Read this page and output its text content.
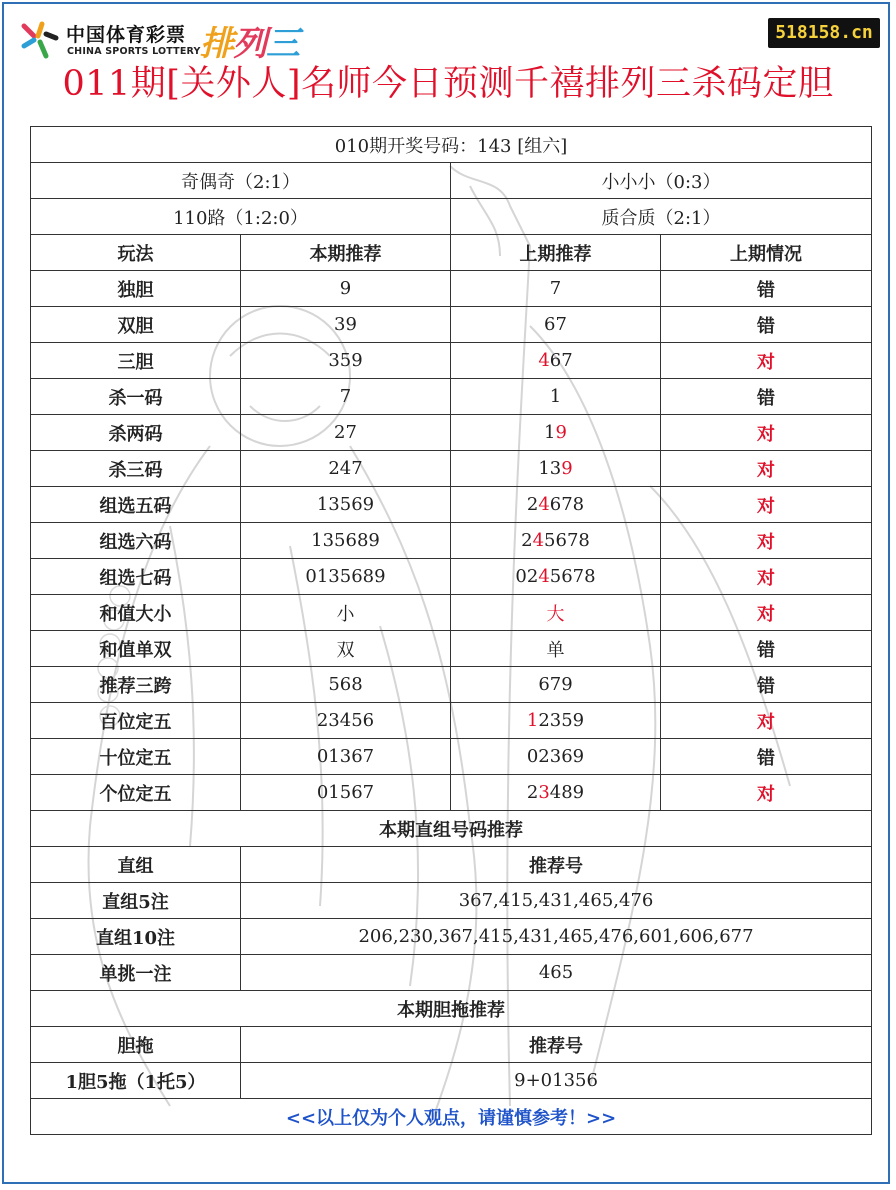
中国体育彩票
CHINA SPORTS LOTTERY 排列三	518158.cn
011期[关外人]名师今日预测千禧排列三杀码定胆
010期开奖号码：143 [组六]			
奇偶奇（2:1）		小小小（0:3）	
110路（1:2:0）		质合质（2:1）	
玩法	本期推荐	上期推荐	上期情况
独胆	9	7	错
双胆	39	67	错
三胆	359	467	对
杀一码	7	1	错
杀两码	27	19	对
杀三码	247	139	对
组选五码	13569	24678	对
组选六码	135689	245678	对
组选七码	0135689	0245678	对
和值大小	小	大	对
和值单双	双	单	错
推荐三跨	568	679	错
百位定五	23456	12359	对
十位定五	01367	02369	错
个位定五	01567	23489	对
本期直组号码推荐			
直组	推荐号		
直组5注	367,415,431,465,476		
直组10注	206,230,367,415,431,465,476,601,606,677		
单挑一注	465		
本期胆拖推荐			
胆拖	推荐号		
1胆5拖（1托5）	9+01356		
<<以上仅为个人观点，请谨慎参考！>>			
